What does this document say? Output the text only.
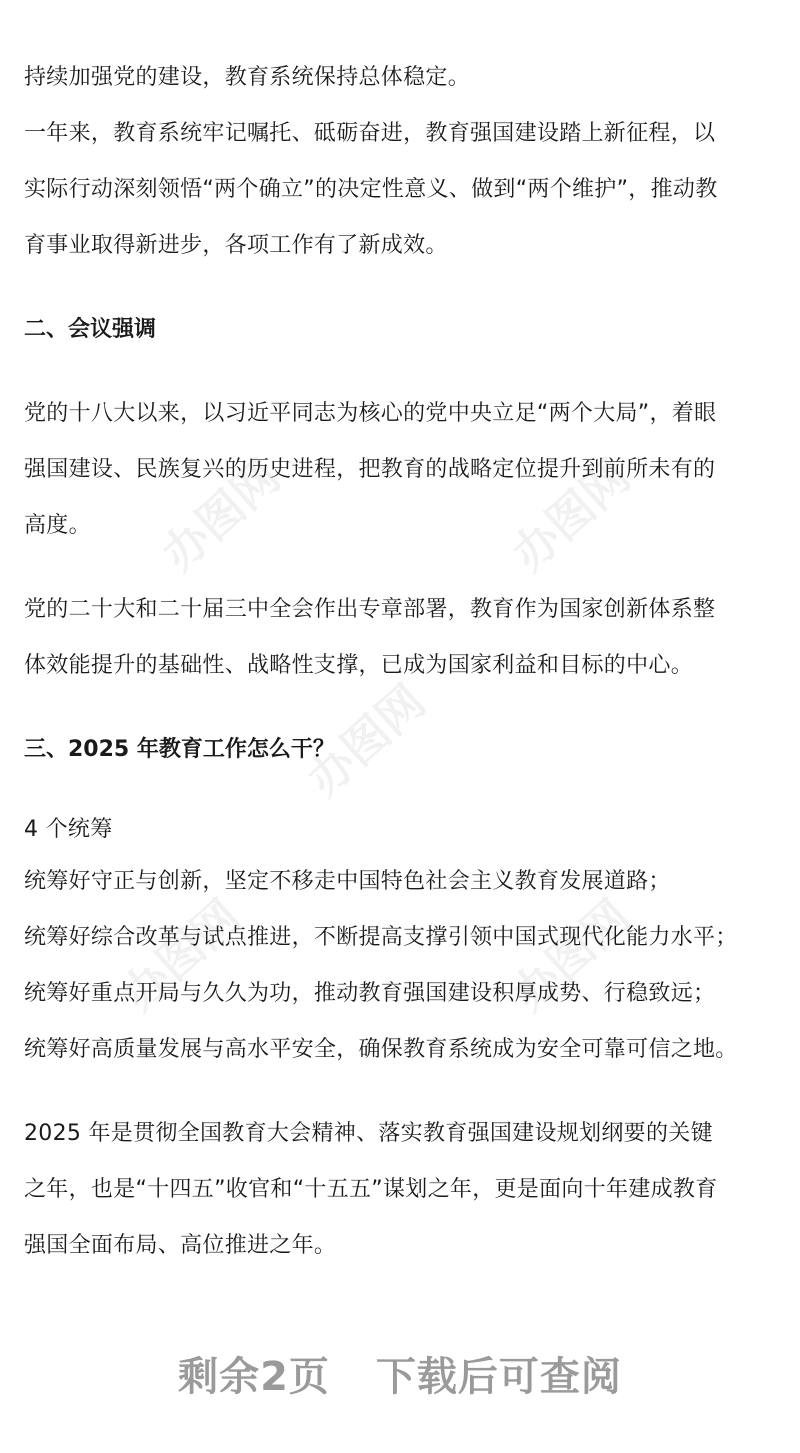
办图网	办图网
办图网
办图网	办图网
持续加强党的建设，教育系统保持总体稳定。
一年来，教育系统牢记嘱托、砥砺奋进，教育强国建设踏上新征程，以
实际行动深刻领悟“两个确立”的决定性意义、做到“两个维护”，推动教
育事业取得新进步，各项工作有了新成效。
二、会议强调
党的十八大以来，以习近平同志为核心的党中央立足“两个大局”，着眼
强国建设、民族复兴的历史进程，把教育的战略定位提升到前所未有的
高度。
党的二十大和二十届三中全会作出专章部署，教育作为国家创新体系整
体效能提升的基础性、战略性支撑，已成为国家利益和目标的中心。
三、2025 年教育工作怎么干？
4 个统筹
统筹好守正与创新，坚定不移走中国特色社会主义教育发展道路；
统筹好综合改革与试点推进，不断提高支撑引领中国式现代化能力水平；
统筹好重点开局与久久为功，推动教育强国建设积厚成势、行稳致远；
统筹好高质量发展与高水平安全，确保教育系统成为安全可靠可信之地。
2025 年是贯彻全国教育大会精神、落实教育强国建设规划纲要的关键
之年，也是“十四五”收官和“十五五”谋划之年，更是面向十年建成教育
强国全面布局、高位推进之年。
剩余2页 下载后可查阅
